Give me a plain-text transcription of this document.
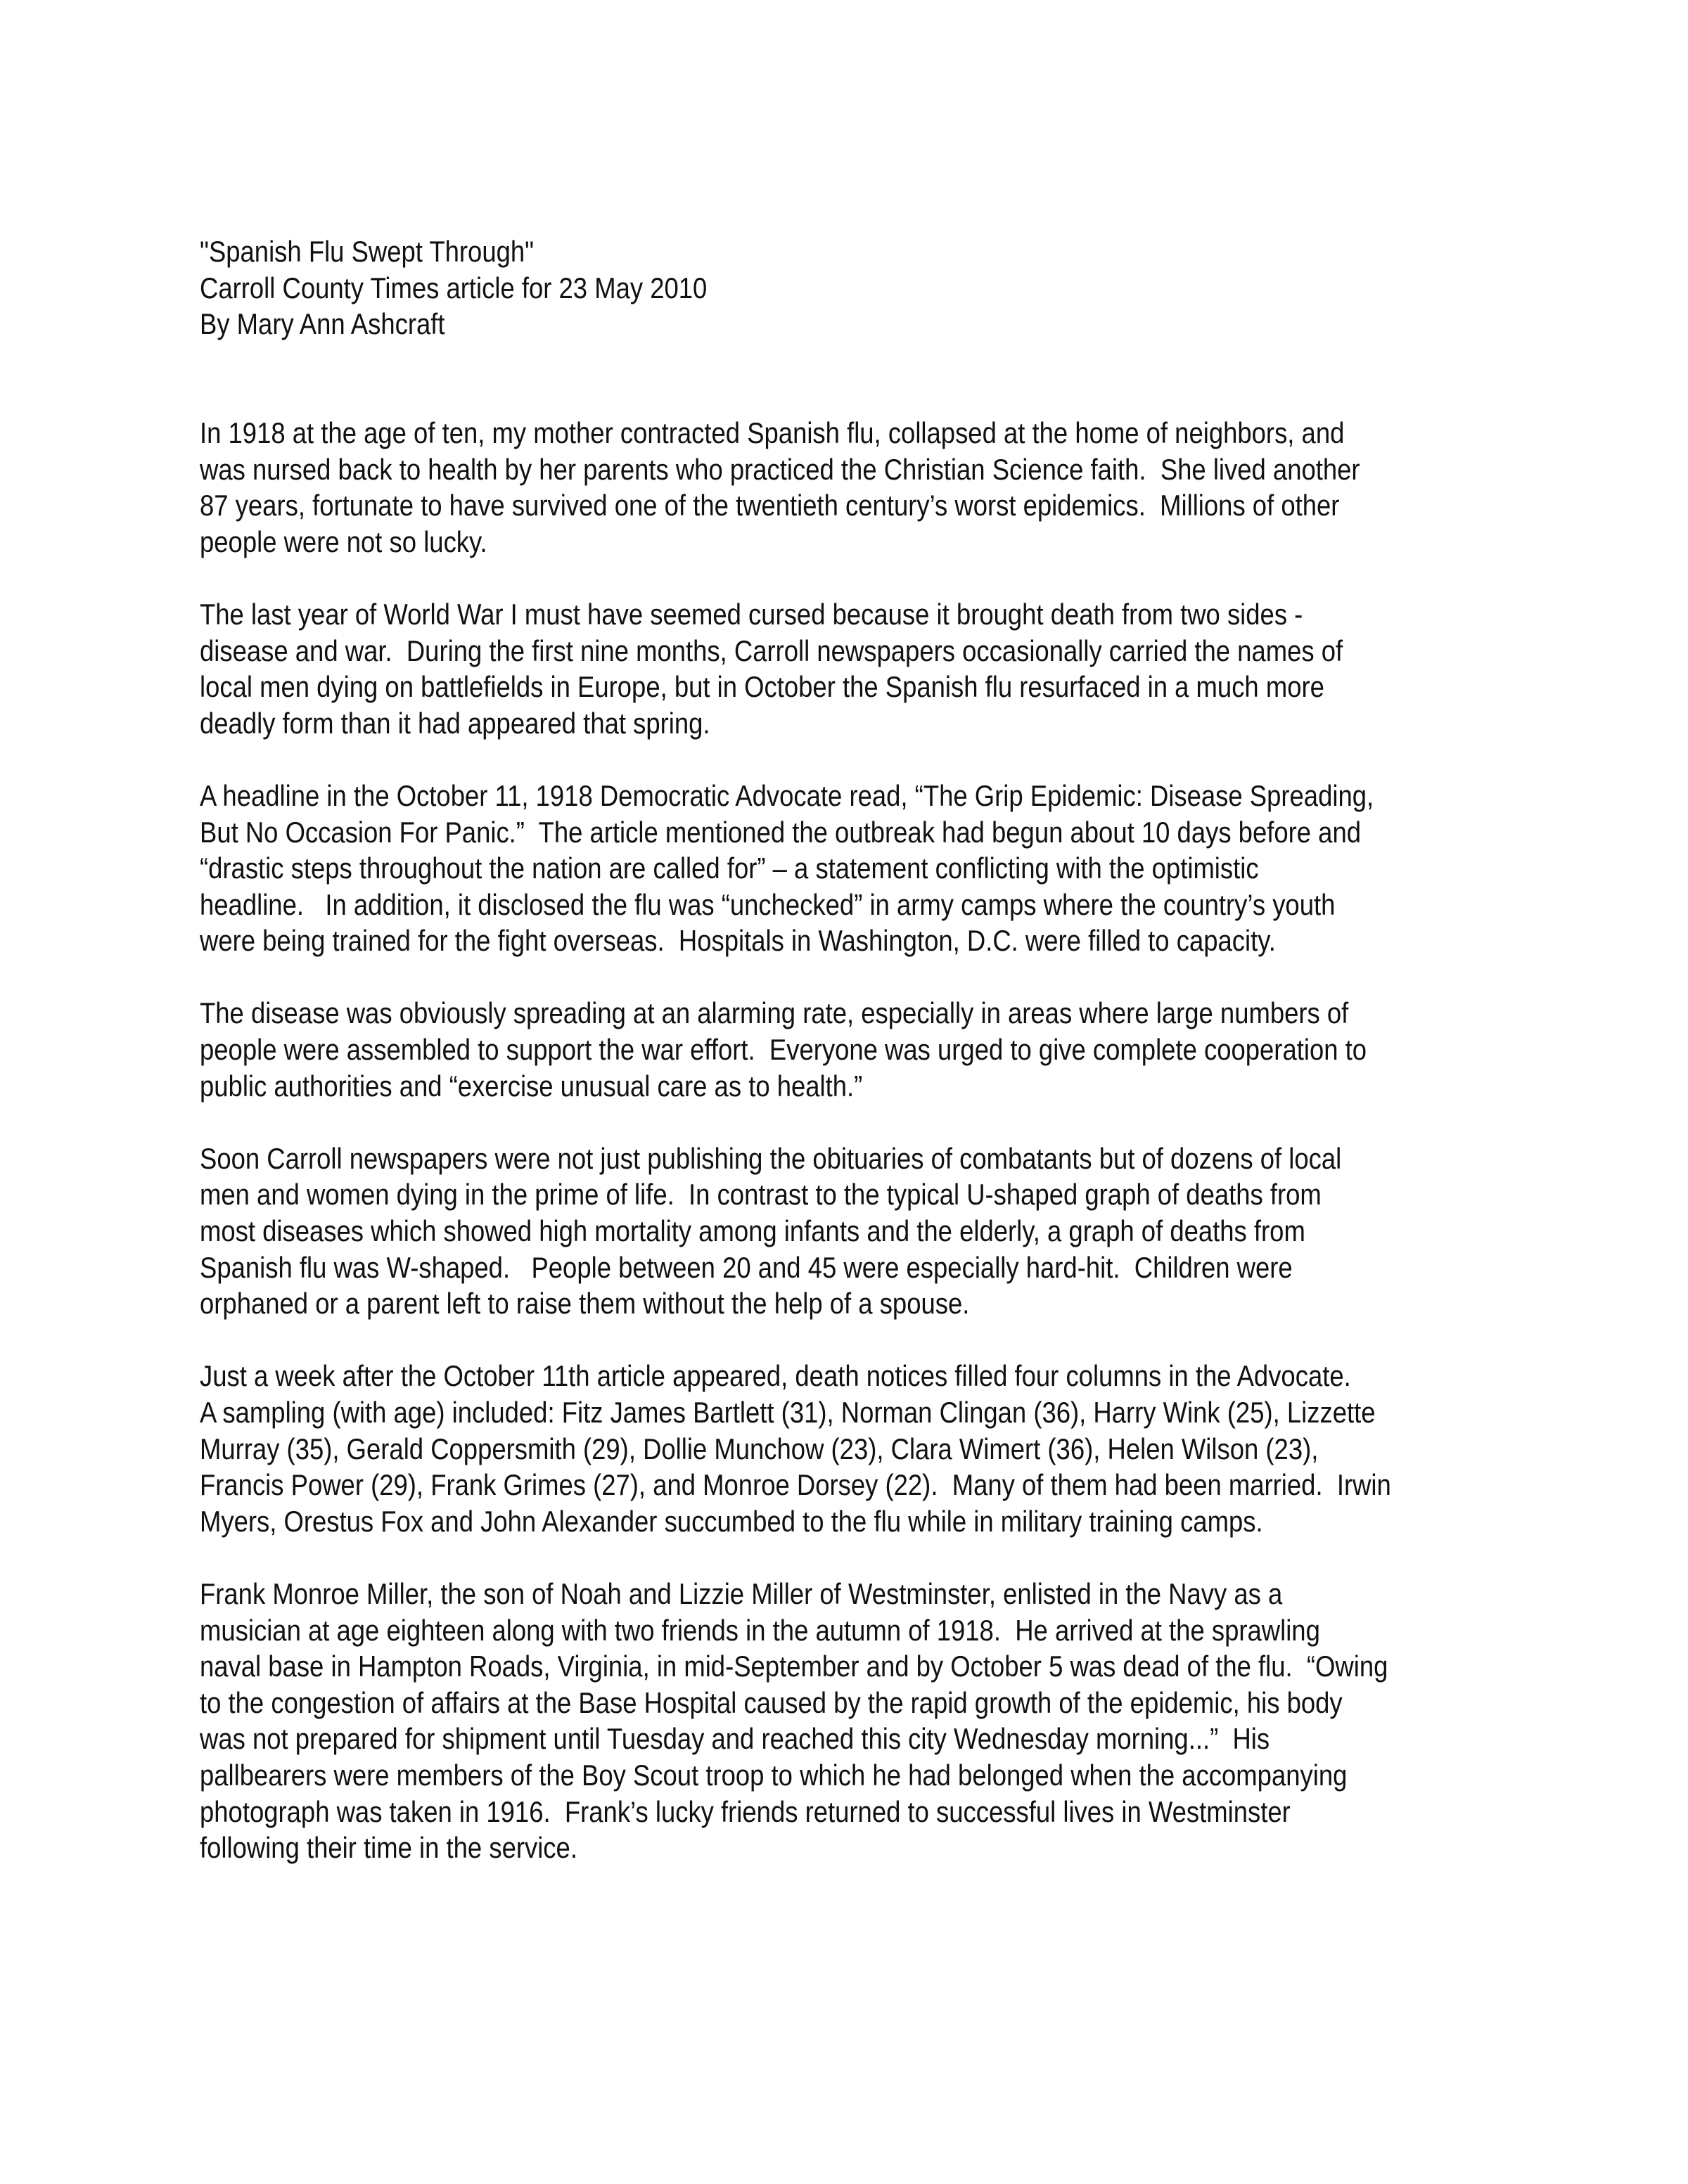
"Spanish Flu Swept Through"
Carroll County Times article for 23 May 2010
By Mary Ann Ashcraft
In 1918 at the age of ten, my mother contracted Spanish flu, collapsed at the home of neighbors, and
was nursed back to health by her parents who practiced the Christian Science faith.  She lived another
87 years, fortunate to have survived one of the twentieth century’s worst epidemics.  Millions of other
people were not so lucky.
The last year of World War I must have seemed cursed because it brought death from two sides -
disease and war.  During the first nine months, Carroll newspapers occasionally carried the names of
local men dying on battlefields in Europe, but in October the Spanish flu resurfaced in a much more
deadly form than it had appeared that spring.
A headline in the October 11, 1918 Democratic Advocate read, “The Grip Epidemic: Disease Spreading,
But No Occasion For Panic.”  The article mentioned the outbreak had begun about 10 days before and
“drastic steps throughout the nation are called for” – a statement conflicting with the optimistic
headline.   In addition, it disclosed the flu was “unchecked” in army camps where the country’s youth
were being trained for the fight overseas.  Hospitals in Washington, D.C. were filled to capacity.
The disease was obviously spreading at an alarming rate, especially in areas where large numbers of
people were assembled to support the war effort.  Everyone was urged to give complete cooperation to
public authorities and “exercise unusual care as to health.”
Soon Carroll newspapers were not just publishing the obituaries of combatants but of dozens of local
men and women dying in the prime of life.  In contrast to the typical U-shaped graph of deaths from
most diseases which showed high mortality among infants and the elderly, a graph of deaths from
Spanish flu was W-shaped.   People between 20 and 45 were especially hard-hit.  Children were
orphaned or a parent left to raise them without the help of a spouse.
Just a week after the October 11th article appeared, death notices filled four columns in the Advocate.
A sampling (with age) included: Fitz James Bartlett (31), Norman Clingan (36), Harry Wink (25), Lizzette
Murray (35), Gerald Coppersmith (29), Dollie Munchow (23), Clara Wimert (36), Helen Wilson (23),
Francis Power (29), Frank Grimes (27), and Monroe Dorsey (22).  Many of them had been married.  Irwin
Myers, Orestus Fox and John Alexander succumbed to the flu while in military training camps.
Frank Monroe Miller, the son of Noah and Lizzie Miller of Westminster, enlisted in the Navy as a
musician at age eighteen along with two friends in the autumn of 1918.  He arrived at the sprawling
naval base in Hampton Roads, Virginia, in mid-September and by October 5 was dead of the flu.  “Owing
to the congestion of affairs at the Base Hospital caused by the rapid growth of the epidemic, his body
was not prepared for shipment until Tuesday and reached this city Wednesday morning...”  His
pallbearers were members of the Boy Scout troop to which he had belonged when the accompanying
photograph was taken in 1916.  Frank’s lucky friends returned to successful lives in Westminster
following their time in the service.
